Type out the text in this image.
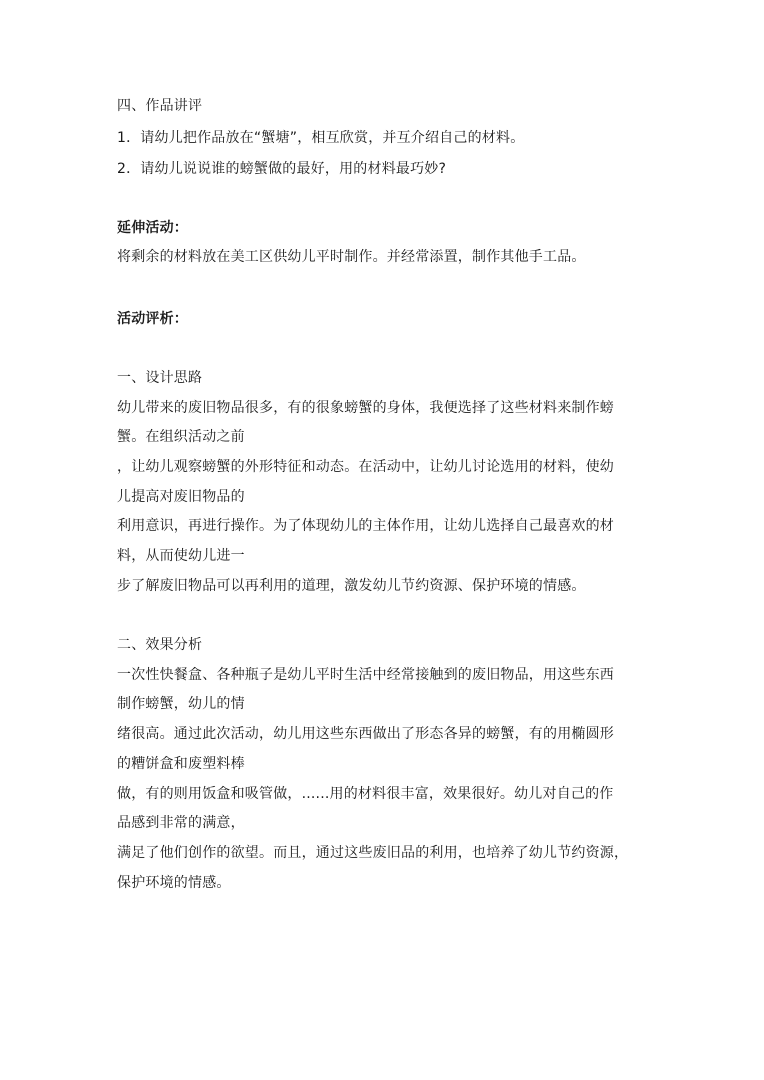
四、作品讲评
1．请幼儿把作品放在“蟹塘”，相互欣赏，并互介绍自己的材料。
2．请幼儿说说谁的螃蟹做的最好，用的材料最巧妙?
延伸活动：
将剩余的材料放在美工区供幼儿平时制作。并经常添置，制作其他手工品。
活动评析：
一、设计思路
幼儿带来的废旧物品很多，有的很象螃蟹的身体，我便选择了这些材料来制作螃
蟹。在组织活动之前
，让幼儿观察螃蟹的外形特征和动态。在活动中，让幼儿讨论选用的材料，使幼
儿提高对废旧物品的
利用意识，再进行操作。为了体现幼儿的主体作用，让幼儿选择自己最喜欢的材
料，从而使幼儿进一
步了解废旧物品可以再利用的道理，激发幼儿节约资源、保护环境的情感。
二、效果分析
一次性快餐盒、各种瓶子是幼儿平时生活中经常接触到的废旧物品，用这些东西
制作螃蟹，幼儿的情
绪很高。通过此次活动，幼儿用这些东西做出了形态各异的螃蟹，有的用椭圆形
的糟饼盒和废塑料棒
做，有的则用饭盒和吸管做，......用的材料很丰富，效果很好。幼儿对自己的作
品感到非常的满意，
满足了他们创作的欲望。而且，通过这些废旧品的利用，也培养了幼儿节约资源，
保护环境的情感。
